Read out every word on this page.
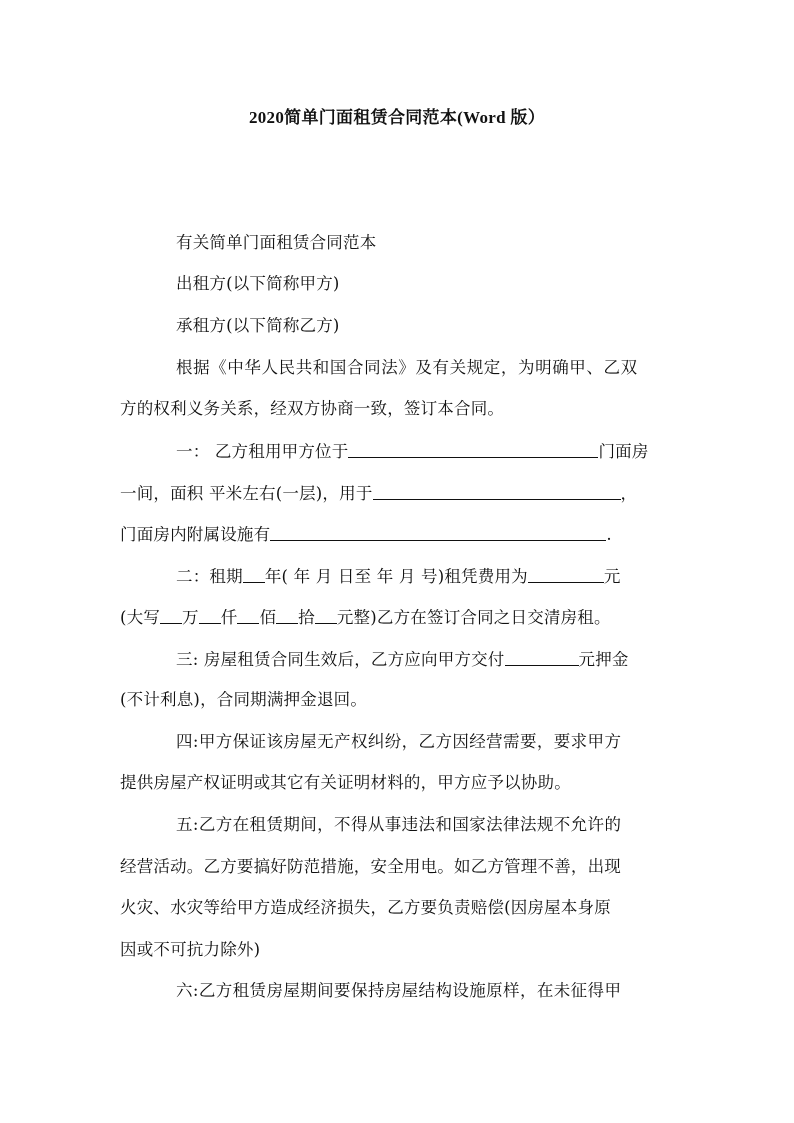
2020简单门面租赁合同范本(Word 版）
有关简单门面租赁合同范本
出租方(以下简称甲方)
承租方(以下简称乙方)
根据《中华人民共和国合同法》及有关规定，为明确甲、乙双
方的权利义务关系，经双方协商一致，签订本合同。
一： 乙方租用甲方位于	门面房
一间，面积 平米左右(一层)，用于	，
门面房内附属设施有	.
二：租期 年( 年 月 日至 年 月 号)租凭费用为	元
(大写 万 仟 佰 拾 元整)乙方在签订合同之日交清房租。
三: 房屋租赁合同生效后，乙方应向甲方交付	元押金
(不计利息)，合同期满押金退回。
四:甲方保证该房屋无产权纠纷，乙方因经营需要，要求甲方
提供房屋产权证明或其它有关证明材料的，甲方应予以协助。
五:乙方在租赁期间，不得从事违法和国家法律法规不允许的
经营活动。乙方要搞好防范措施，安全用电。如乙方管理不善，出现
火灾、水灾等给甲方造成经济损失，乙方要负责赔偿(因房屋本身原
因或不可抗力除外)
六:乙方租赁房屋期间要保持房屋结构设施原样，在未征得甲
